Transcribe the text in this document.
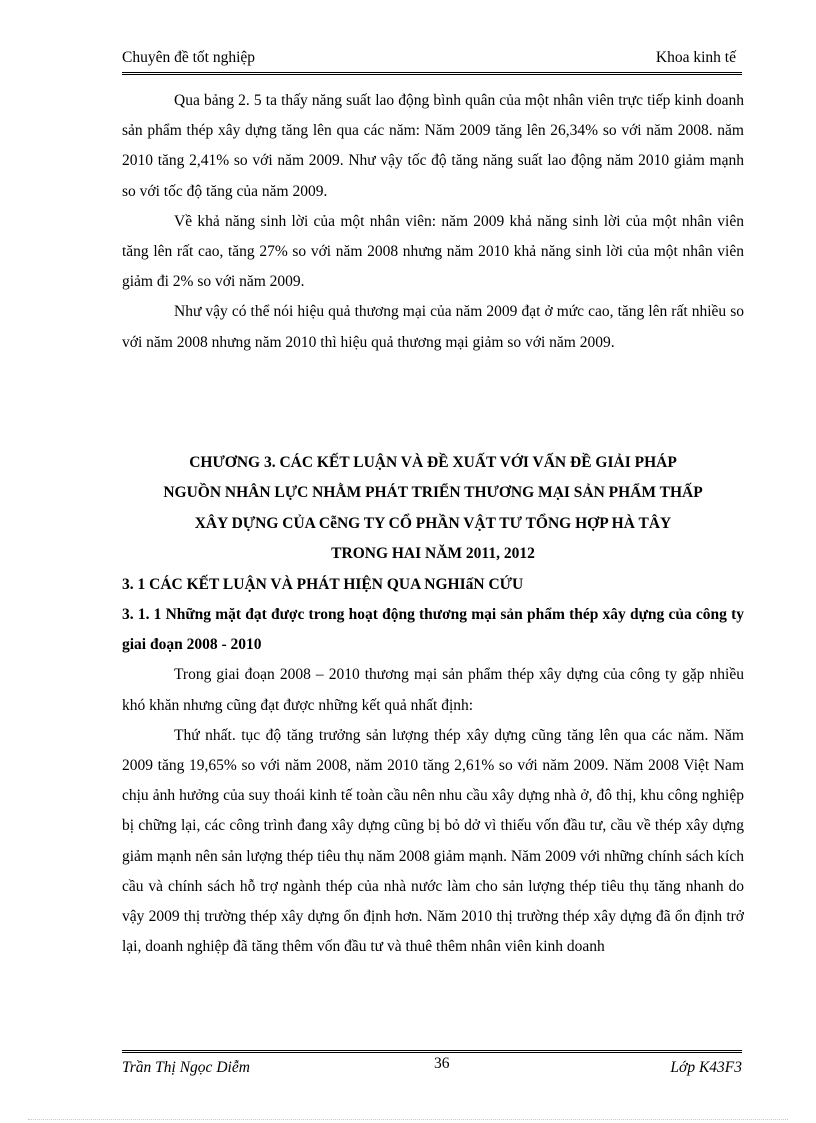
Chuyên đề tốt nghiệp	Khoa kinh tế

Qua bảng 2. 5 ta thấy năng suất lao động bình quân của một nhân viên trực tiếp kinh doanh sản phẩm thép xây dựng tăng lên qua các năm: Năm 2009 tăng lên 26,34% so với năm 2008. năm 2010 tăng 2,41% so với năm 2009. Như vậy tốc độ tăng năng suất lao động năm 2010 giảm mạnh so với tốc độ tăng của năm 2009.

Về khả năng sinh lời của một nhân viên: năm 2009 khả năng sinh lời của một nhân viên tăng lên rất cao, tăng 27% so với năm 2008 nhưng năm 2010 khả năng sinh lời của một nhân viên giảm đi 2% so với năm 2009.

Như vậy có thể nói hiệu quả thương mại của năm 2009 đạt ở mức cao, tăng lên rất nhiều so với năm 2008 nhưng năm 2010 thì hiệu quả thương mại giảm so với năm 2009.

CHƯƠNG 3. CÁC KẾT LUẬN VÀ ĐỀ XUẤT VỚI VẤN ĐỀ GIẢI PHÁP
NGUỒN NHÂN LỰC NHẰM PHÁT TRIỂN THƯƠNG MẠI SẢN PHẨM THẤP
XÂY DỰNG CỦA CễNG TY CỔ PHẦN VẬT TƯ TỔNG HỢP HÀ TÂY
TRONG HAI NĂM 2011, 2012

3. 1 CÁC KẾT LUẬN VÀ PHÁT HIỆN QUA NGHIấN CỨU

3. 1. 1 Những mặt đạt được trong hoạt động thương mại sản phẩm thép xây dựng của công ty giai đoạn 2008 - 2010

Trong giai đoạn 2008 – 2010 thương mại sản phẩm thép xây dựng của công ty gặp nhiều khó khăn nhưng cũng đạt được những kết quả nhất định:

Thứ nhất. tục độ tăng trưởng sản lượng thép xây dựng cũng tăng lên qua các năm. Năm 2009 tăng 19,65% so với năm 2008, năm 2010 tăng 2,61% so với năm 2009. Năm 2008 Việt Nam chịu ảnh hưởng của suy thoái kinh tế toàn cầu nên nhu cầu xây dựng nhà ở, đô thị, khu công nghiệp bị chững lại, các công trình đang xây dựng cũng bị bỏ dở vì thiếu vốn đầu tư, cầu về thép xây dựng giảm mạnh nên sản lượng thép tiêu thụ năm 2008 giảm mạnh. Năm 2009 với những chính sách kích cầu và chính sách hỗ trợ ngành thép của nhà nước làm cho sản lượng thép tiêu thụ tăng nhanh do vậy 2009 thị trường thép xây dựng ổn định hơn. Năm 2010 thị trường thép xây dựng đã ổn định trở lại, doanh nghiệp đã tăng thêm vốn đầu tư và thuê thêm nhân viên kinh doanh

Trần Thị Ngọc Diễm	36	Lớp K43F3
